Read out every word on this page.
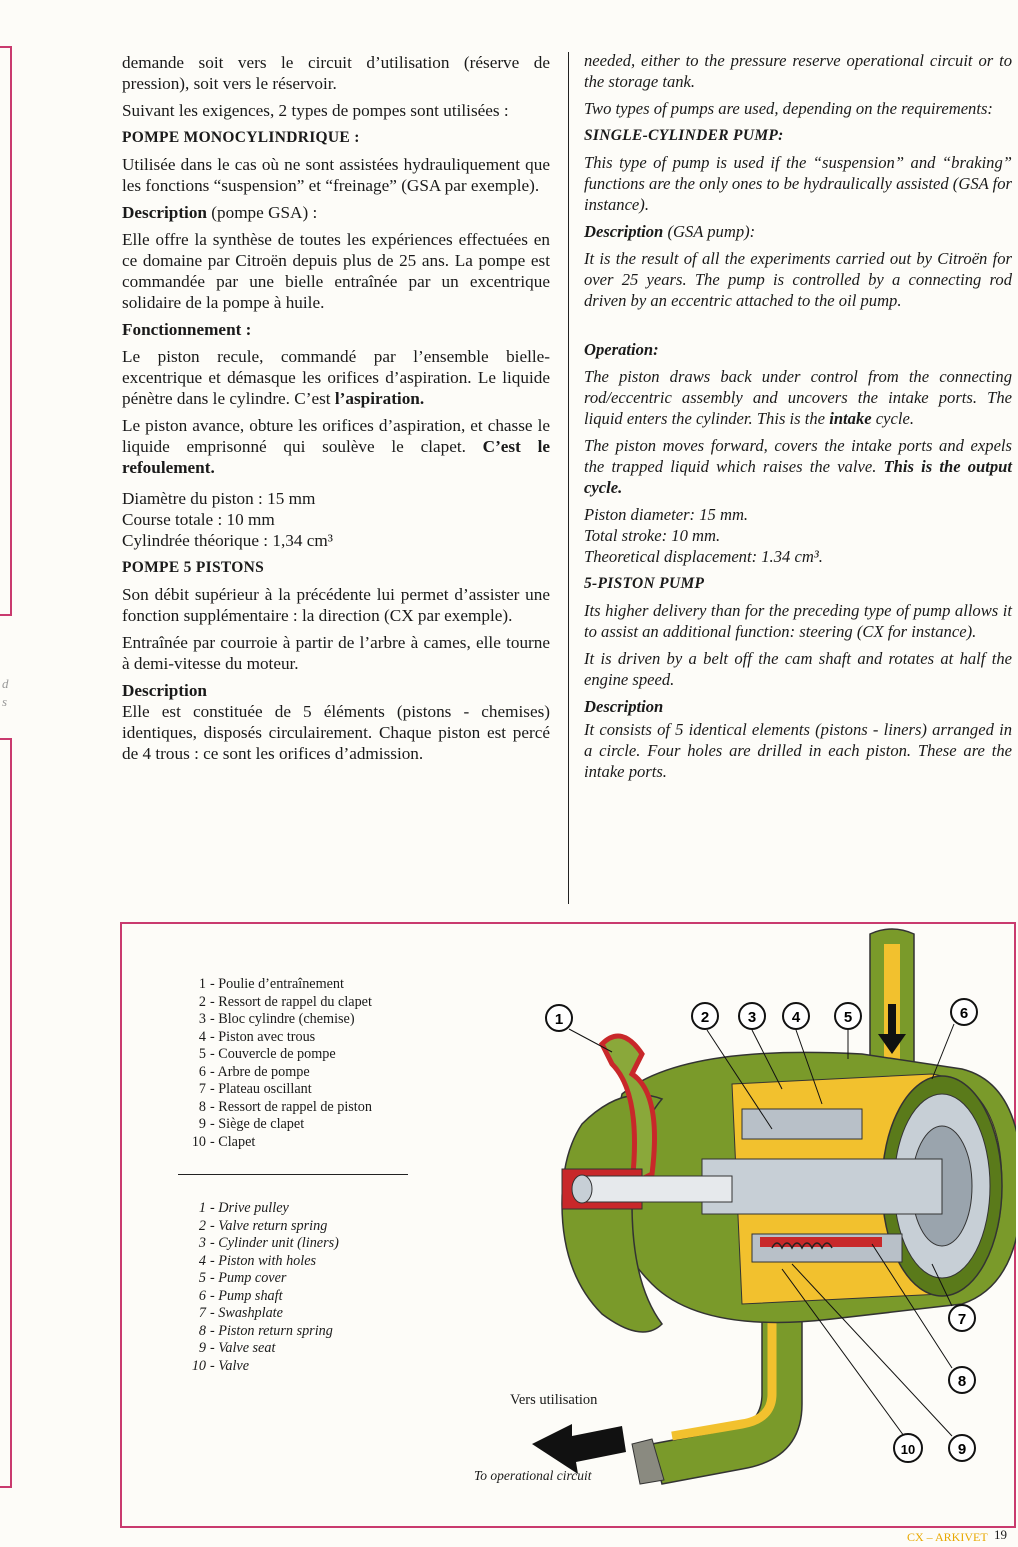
d
s

demande soit vers le circuit d’utilisation (réserve de pression), soit vers le réservoir.

Suivant les exigences, 2 types de pompes sont utilisées :

POMPE MONOCYLINDRIQUE :

Utilisée dans le cas où ne sont assistées hydrauliquement que les fonctions “suspension” et “freinage” (GSA par exemple).

Description (pompe GSA) :

Elle offre la synthèse de toutes les expériences effectuées en ce domaine par Citroën depuis plus de 25 ans. La pompe est commandée par une bielle entraînée par un excentrique solidaire de la pompe à huile.

Fonctionnement :

Le piston recule, commandé par l’ensemble bielle-excentrique et démasque les orifices d’aspiration. Le liquide pénètre dans le cylindre. C’est l’aspiration.

Le piston avance, obture les orifices d’aspiration, et chasse le liquide emprisonné qui soulève le clapet. C’est le refoulement.

Diamètre du piston : 15 mm

Course totale : 10 mm

Cylindrée théorique : 1,34 cm³

POMPE 5 PISTONS

Son débit supérieur à la précédente lui permet d’assister une fonction supplémentaire : la direction (CX par exemple).

Entraînée par courroie à partir de l’arbre à cames, elle tourne à demi-vitesse du moteur.

Description

Elle est constituée de 5 éléments (pistons - chemises) identiques, disposés circulairement. Chaque piston est percé de 4 trous : ce sont les orifices d’admission.

needed, either to the pressure reserve operational circuit or to the storage tank.

Two types of pumps are used, depending on the requirements:

SINGLE-CYLINDER PUMP:

This type of pump is used if the “suspension” and “braking” functions are the only ones to be hydraulically assisted (GSA for instance).

Description (GSA pump):

It is the result of all the experiments carried out by Citroën for over 25 years. The pump is controlled by a connecting rod driven by an eccentric attached to the oil pump.

Operation:

The piston draws back under control from the connecting rod/eccentric assembly and uncovers the intake ports. The liquid enters the cylinder. This is the intake cycle.

The piston moves forward, covers the intake ports and expels the trapped liquid which raises the valve. This is the output cycle.

Piston diameter: 15 mm.

Total stroke: 10 mm.

Theoretical displacement: 1.34 cm³.

5-PISTON PUMP

Its higher delivery than for the preceding type of pump allows it to assist an additional function: steering (CX for instance).

It is driven by a belt off the cam shaft and rotates at half the engine speed.

Description

It consists of 5 identical elements (pistons - liners) arranged in a circle. Four holes are drilled in each piston. These are the intake ports.

1 - Poulie d’entraînement
2 - Ressort de rappel du clapet
3 - Bloc cylindre (chemise)
4 - Piston avec trous
5 - Couvercle de pompe
6 - Arbre de pompe
7 - Plateau oscillant
8 - Ressort de rappel de piston
9 - Siège de clapet
10 - Clapet
1 - Drive pulley
2 - Valve return spring
3 - Cylinder unit (liners)
4 - Piston with holes
5 - Pump cover
6 - Pump shaft
7 - Swashplate
8 - Piston return spring
9 - Valve seat
10 - Valve
1	2	3 4	5	6
7
8
9
10
Vers utilisation
To operational circuit
19
CX – ARKIVET
